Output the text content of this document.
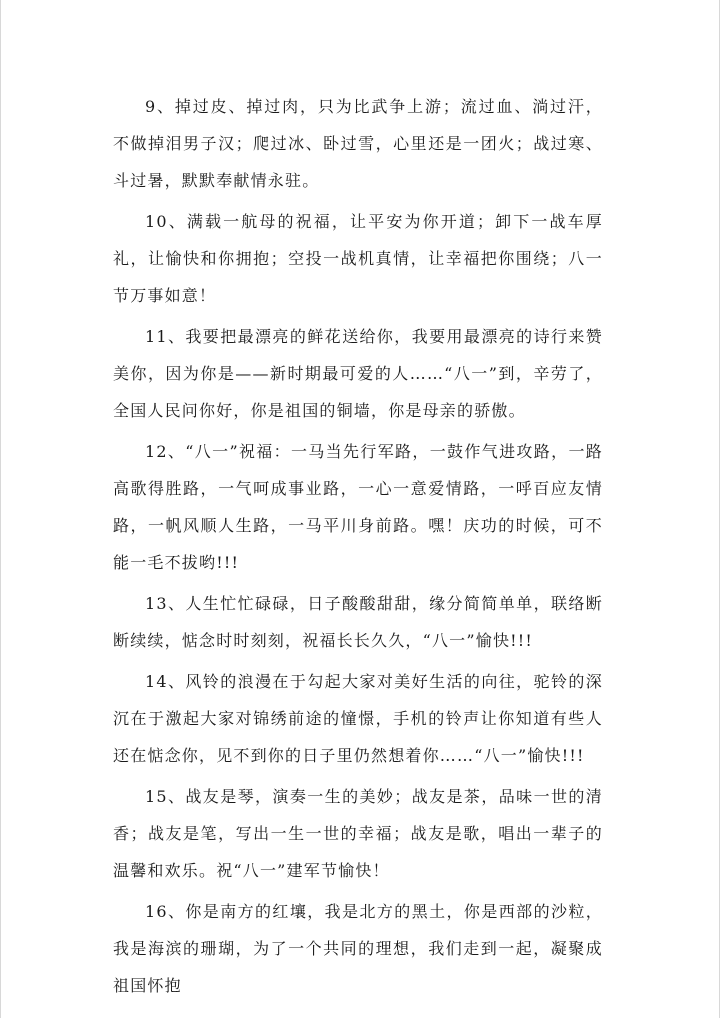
9、掉过皮、掉过肉，只为比武争上游；流过血、淌过汗，不做掉泪男子汉；爬过冰、卧过雪，心里还是一团火；战过寒、斗过暑，默默奉献情永驻。

10、满载一航母的祝福，让平安为你开道；卸下一战车厚礼，让愉快和你拥抱；空投一战机真情，让幸福把你围绕；八一节万事如意！

11、我要把最漂亮的鲜花送给你，我要用最漂亮的诗行来赞美你，因为你是——新时期最可爱的人……“八一”到，辛劳了，全国人民问你好，你是祖国的铜墙，你是母亲的骄傲。

12、“八一”祝福：一马当先行军路，一鼓作气进攻路，一路高歌得胜路，一气呵成事业路，一心一意爱情路，一呼百应友情路，一帆风顺人生路，一马平川身前路。嘿！庆功的时候，可不能一毛不拔哟!!!

13、人生忙忙碌碌，日子酸酸甜甜，缘分简简单单，联络断断续续，惦念时时刻刻，祝福长长久久，“八一”愉快!!!

14、风铃的浪漫在于勾起大家对美好生活的向往，驼铃的深沉在于激起大家对锦绣前途的憧憬，手机的铃声让你知道有些人还在惦念你，见不到你的日子里仍然想着你……“八一”愉快!!!

15、战友是琴，演奏一生的美妙；战友是茶，品味一世的清香；战友是笔，写出一生一世的幸福；战友是歌，唱出一辈子的温馨和欢乐。祝“八一”建军节愉快！

16、你是南方的红壤，我是北方的黑土，你是西部的沙粒，我是海滨的珊瑚，为了一个共同的理想，我们走到一起，凝聚成祖国怀抱
